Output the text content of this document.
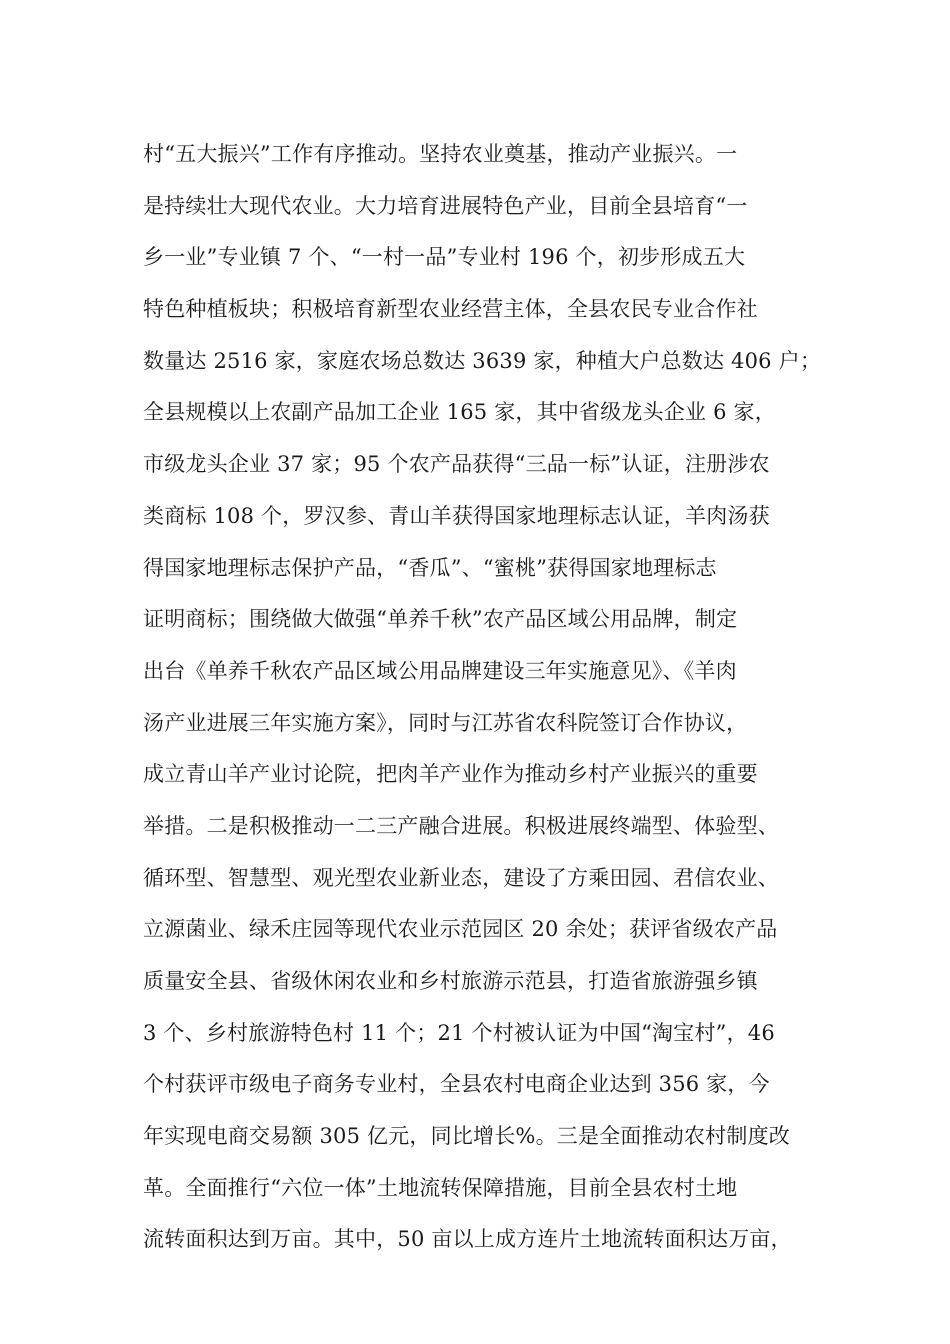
村“五大振兴”工作有序推动。坚持农业奠基，推动产业振兴。一
是持续壮大现代农业。大力培育进展特色产业，目前全县培育“一
乡一业”专业镇 7 个、“一村一品”专业村 196 个，初步形成五大
特色种植板块；积极培育新型农业经营主体，全县农民专业合作社
数量达 2516 家，家庭农场总数达 3639 家，种植大户总数达 406 户；
全县规模以上农副产品加工企业 165 家，其中省级龙头企业 6 家，
市级龙头企业 37 家；95 个农产品获得“三品一标”认证，注册涉农
类商标 108 个，罗汉参、青山羊获得国家地理标志认证，羊肉汤获
得国家地理标志保护产品，“香瓜”、“蜜桃”获得国家地理标志
证明商标；围绕做大做强“单养千秋”农产品区域公用品牌，制定
出台《单养千秋农产品区域公用品牌建设三年实施意见》、《羊肉
汤产业进展三年实施方案》，同时与江苏省农科院签订合作协议，
成立青山羊产业讨论院，把肉羊产业作为推动乡村产业振兴的重要
举措。二是积极推动一二三产融合进展。积极进展终端型、体验型、
循环型、智慧型、观光型农业新业态，建设了方乘田园、君信农业、
立源菌业、绿禾庄园等现代农业示范园区 20 余处；获评省级农产品
质量安全县、省级休闲农业和乡村旅游示范县，打造省旅游强乡镇
3 个、乡村旅游特色村 11 个；21 个村被认证为中国“淘宝村”，46
个村获评市级电子商务专业村，全县农村电商企业达到 356 家，今
年实现电商交易额 305 亿元，同比增长%。三是全面推动农村制度改
革。全面推行“六位一体”土地流转保障措施，目前全县农村土地
流转面积达到万亩。其中，50 亩以上成方连片土地流转面积达万亩，
